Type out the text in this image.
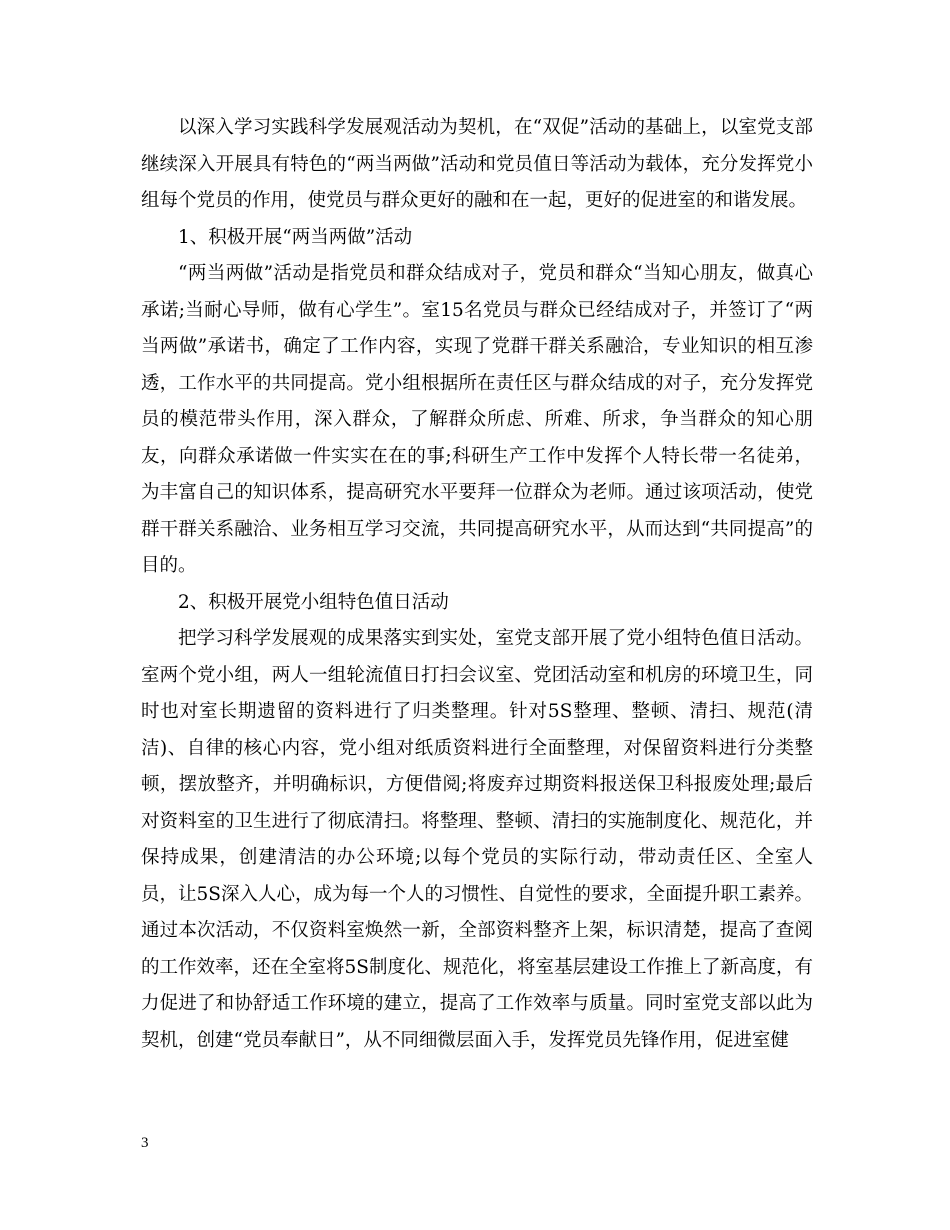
以深入学习实践科学发展观活动为契机，在“双促”活动的基础上，以室党支部继续深入开展具有特色的“两当两做”活动和党员值日等活动为载体，充分发挥党小组每个党员的作用，使党员与群众更好的融和在一起，更好的促进室的和谐发展。

1、积极开展“两当两做”活动

“两当两做”活动是指党员和群众结成对子，党员和群众“当知心朋友，做真心承诺;当耐心导师，做有心学生”。室15名党员与群众已经结成对子，并签订了“两当两做”承诺书，确定了工作内容，实现了党群干群关系融洽，专业知识的相互渗透，工作水平的共同提高。党小组根据所在责任区与群众结成的对子，充分发挥党员的模范带头作用，深入群众，了解群众所虑、所难、所求，争当群众的知心朋友，向群众承诺做一件实实在在的事;科研生产工作中发挥个人特长带一名徒弟，为丰富自己的知识体系，提高研究水平要拜一位群众为老师。通过该项活动，使党群干群关系融洽、业务相互学习交流，共同提高研究水平，从而达到“共同提高”的目的。

2、积极开展党小组特色值日活动

把学习科学发展观的成果落实到实处，室党支部开展了党小组特色值日活动。室两个党小组，两人一组轮流值日打扫会议室、党团活动室和机房的环境卫生，同时也对室长期遗留的资料进行了归类整理。针对5S整理、整顿、清扫、规范(清洁)、自律的核心内容，党小组对纸质资料进行全面整理，对保留资料进行分类整顿，摆放整齐，并明确标识，方便借阅;将废弃过期资料报送保卫科报废处理;最后对资料室的卫生进行了彻底清扫。将整理、整顿、清扫的实施制度化、规范化，并保持成果，创建清洁的办公环境;以每个党员的实际行动，带动责任区、全室人员，让5S深入人心，成为每一个人的习惯性、自觉性的要求，全面提升职工素养。通过本次活动，不仅资料室焕然一新，全部资料整齐上架，标识清楚，提高了查阅的工作效率，还在全室将5S制度化、规范化，将室基层建设工作推上了新高度，有力促进了和协舒适工作环境的建立，提高了工作效率与质量。同时室党支部以此为契机，创建“党员奉献日”，从不同细微层面入手，发挥党员先锋作用，促进室健

3
